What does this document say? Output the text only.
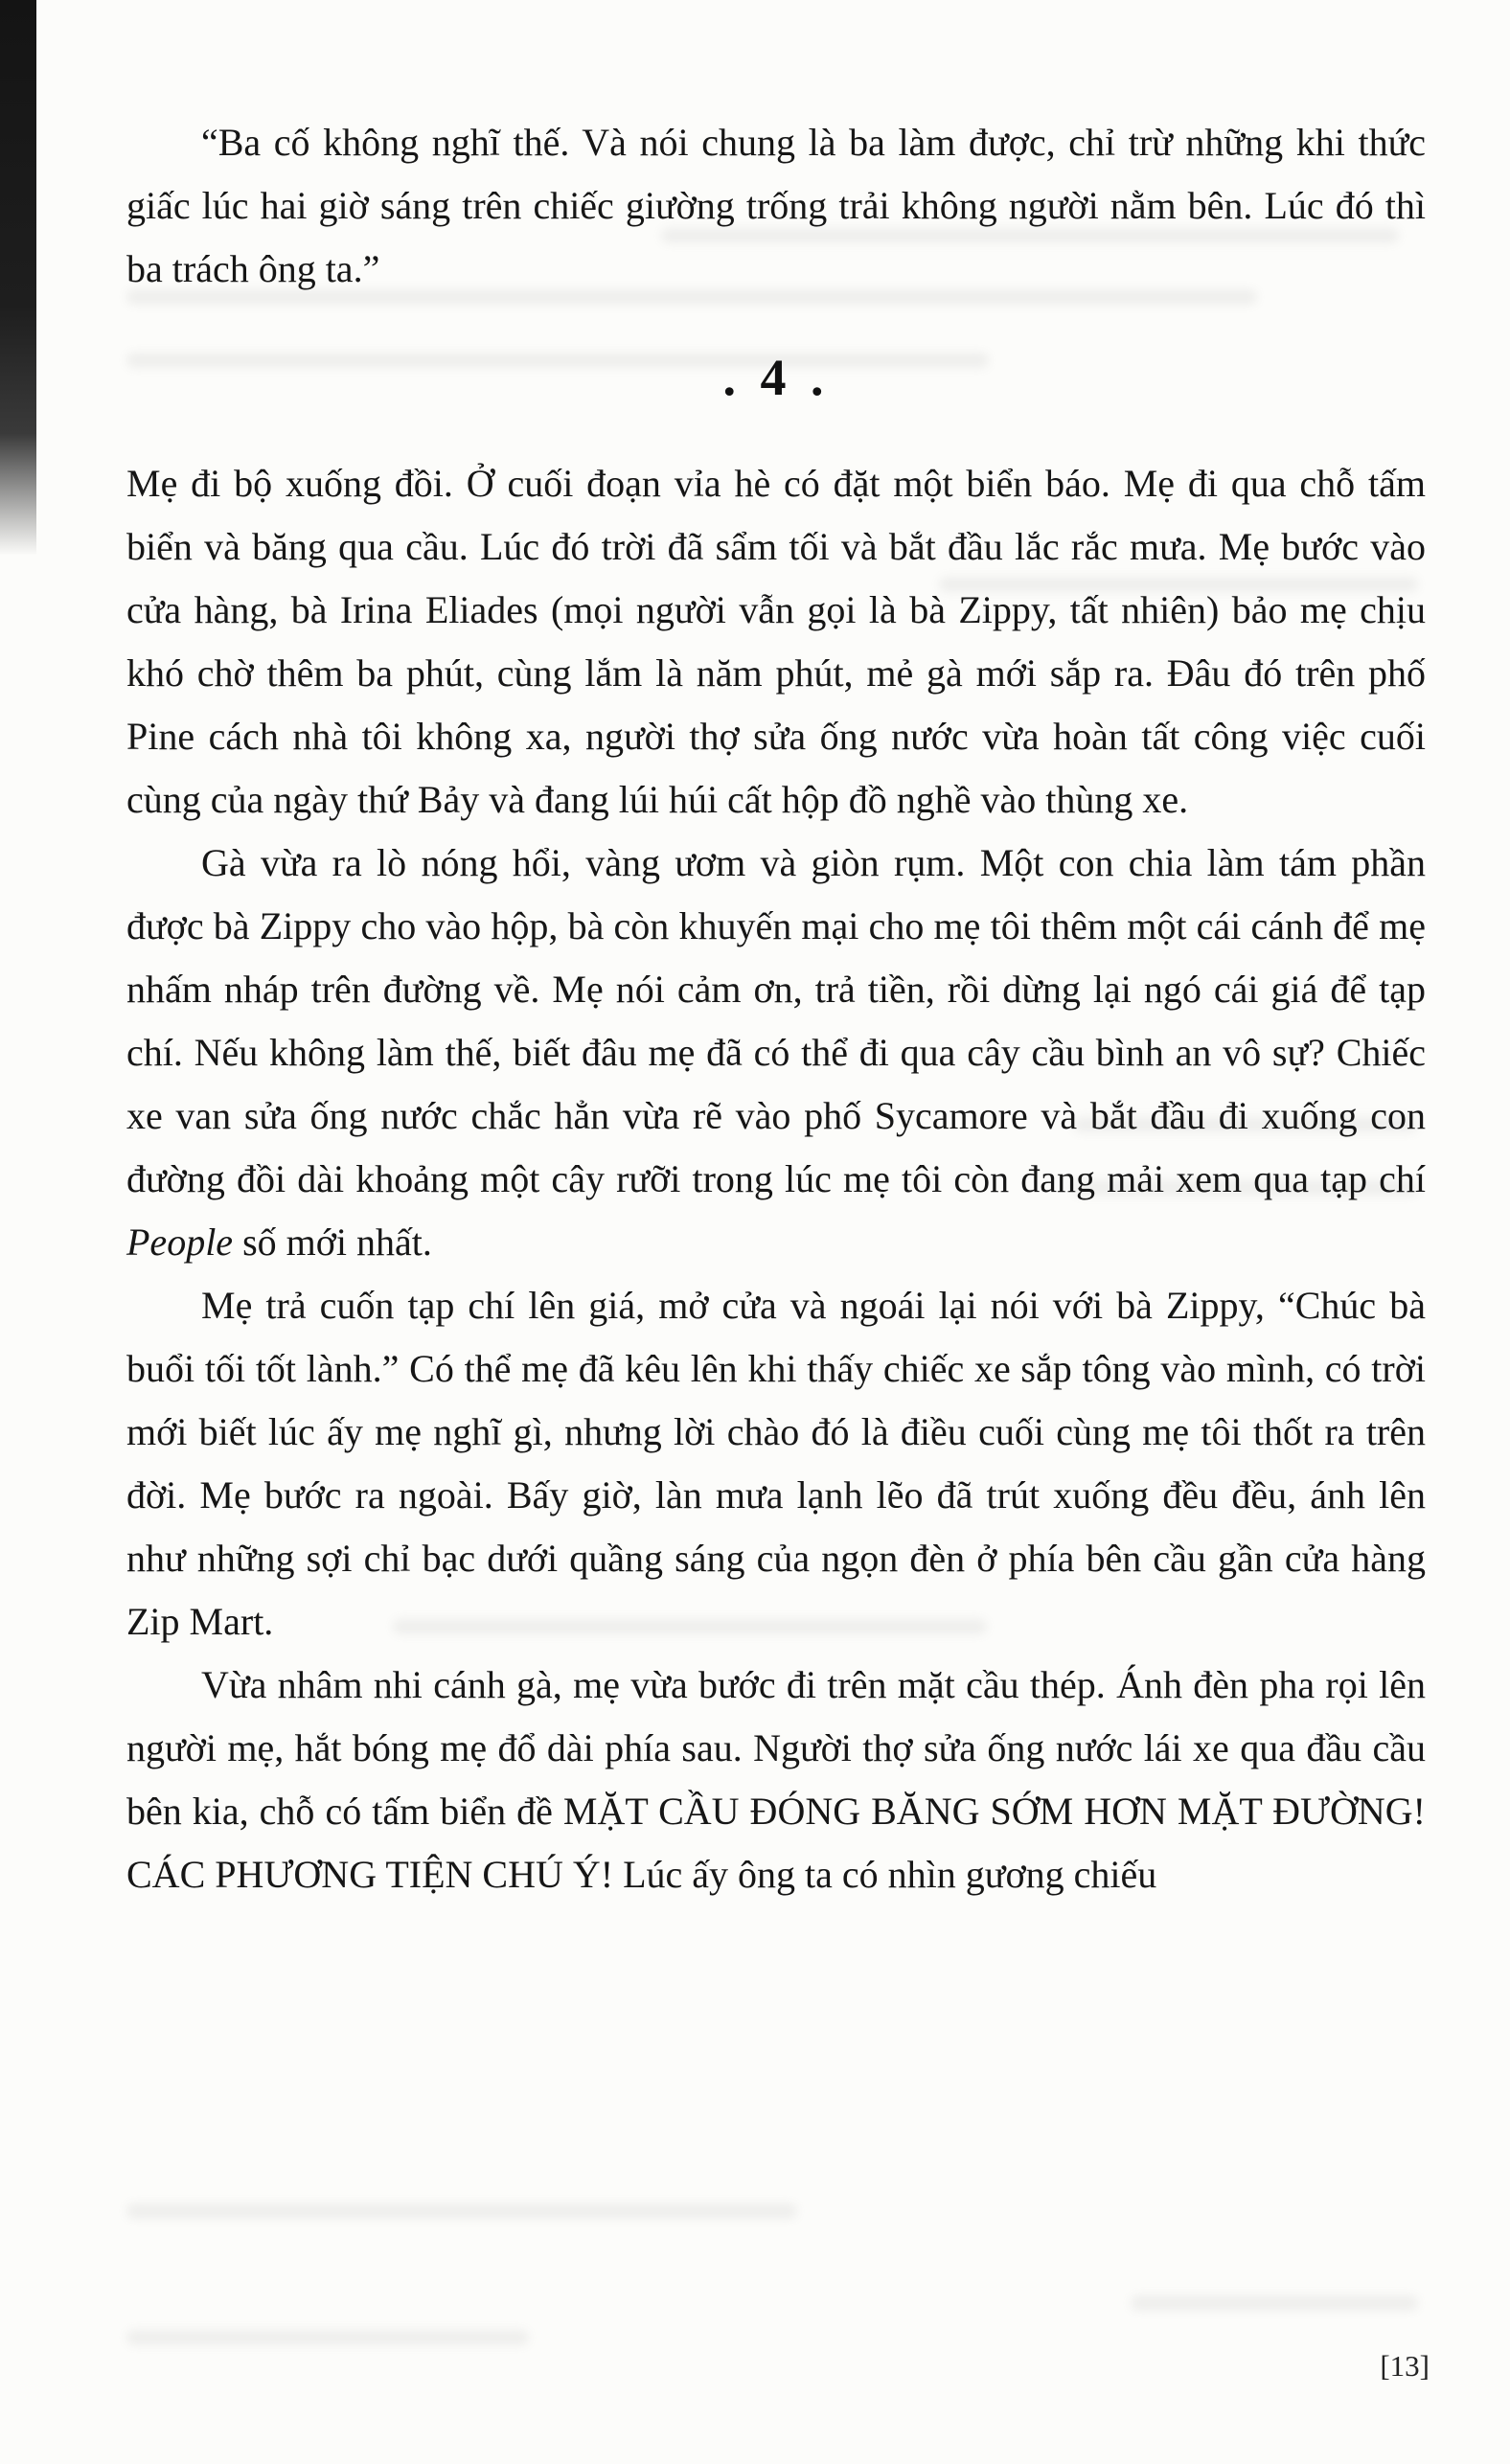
“Ba cố không nghĩ thế. Và nói chung là ba làm được, chỉ trừ những khi thức giấc lúc hai giờ sáng trên chiếc giường trống trải không người nằm bên. Lúc đó thì ba trách ông ta.”

. 4 .

Mẹ đi bộ xuống đồi. Ở cuối đoạn vỉa hè có đặt một biển báo. Mẹ đi qua chỗ tấm biển và băng qua cầu. Lúc đó trời đã sẩm tối và bắt đầu lắc rắc mưa. Mẹ bước vào cửa hàng, bà Irina Eliades (mọi người vẫn gọi là bà Zippy, tất nhiên) bảo mẹ chịu khó chờ thêm ba phút, cùng lắm là năm phút, mẻ gà mới sắp ra. Đâu đó trên phố Pine cách nhà tôi không xa, người thợ sửa ống nước vừa hoàn tất công việc cuối cùng của ngày thứ Bảy và đang lúi húi cất hộp đồ nghề vào thùng xe.

Gà vừa ra lò nóng hổi, vàng ươm và giòn rụm. Một con chia làm tám phần được bà Zippy cho vào hộp, bà còn khuyến mại cho mẹ tôi thêm một cái cánh để mẹ nhấm nháp trên đường về. Mẹ nói cảm ơn, trả tiền, rồi dừng lại ngó cái giá để tạp chí. Nếu không làm thế, biết đâu mẹ đã có thể đi qua cây cầu bình an vô sự? Chiếc xe van sửa ống nước chắc hẳn vừa rẽ vào phố Sycamore và bắt đầu đi xuống con đường đồi dài khoảng một cây rưỡi trong lúc mẹ tôi còn đang mải xem qua tạp chí People số mới nhất.

Mẹ trả cuốn tạp chí lên giá, mở cửa và ngoái lại nói với bà Zippy, “Chúc bà buổi tối tốt lành.” Có thể mẹ đã kêu lên khi thấy chiếc xe sắp tông vào mình, có trời mới biết lúc ấy mẹ nghĩ gì, nhưng lời chào đó là điều cuối cùng mẹ tôi thốt ra trên đời. Mẹ bước ra ngoài. Bấy giờ, làn mưa lạnh lẽo đã trút xuống đều đều, ánh lên như những sợi chỉ bạc dưới quầng sáng của ngọn đèn ở phía bên cầu gần cửa hàng Zip Mart.

Vừa nhâm nhi cánh gà, mẹ vừa bước đi trên mặt cầu thép. Ánh đèn pha rọi lên người mẹ, hắt bóng mẹ đổ dài phía sau. Người thợ sửa ống nước lái xe qua đầu cầu bên kia, chỗ có tấm biển đề MẶT CẦU ĐÓNG BĂNG SỚM HƠN MẶT ĐƯỜNG! CÁC PHƯƠNG TIỆN CHÚ Ý! Lúc ấy ông ta có nhìn gương chiếu

[13]
